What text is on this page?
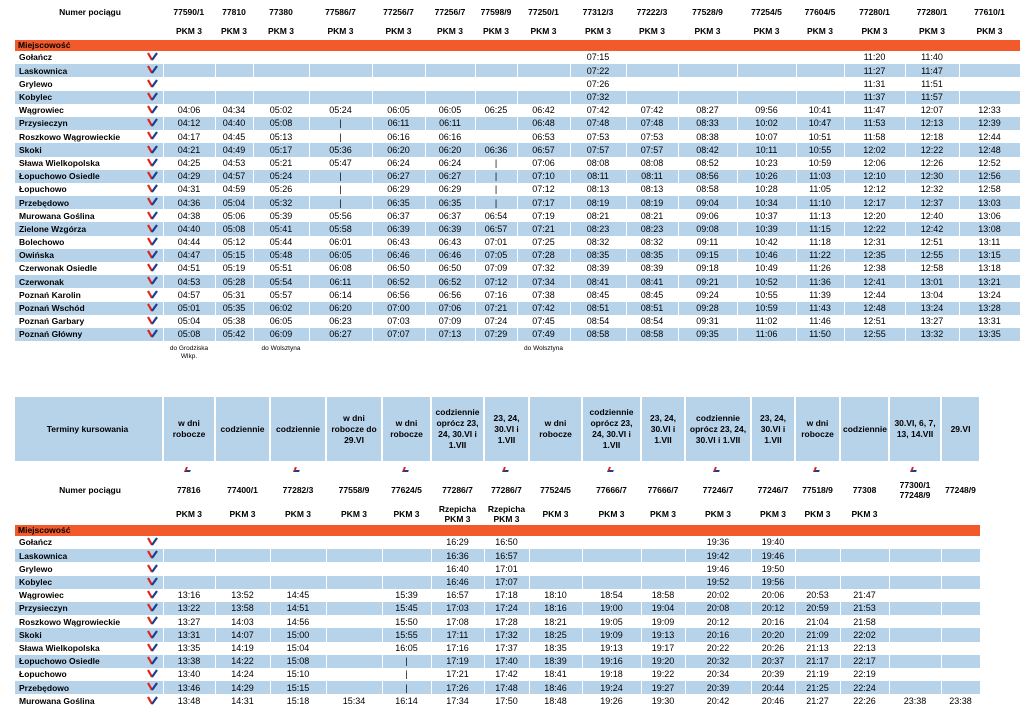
Numer pociągu		77590/1	77810	77380	77586/7	77256/7	77256/7	77598/9	77250/1	77312/3	77222/3	77528/9	77254/5	77604/5	77280/1	77280/1	77610/1
		PKM 3	PKM 3	PKM 3	PKM 3	PKM 3	PKM 3	PKM 3	PKM 3	PKM 3	PKM 3	PKM 3	PKM 3	PKM 3	PKM 3	PKM 3	PKM 3
Miejscowość																	
Gołańcz										07:15					11:20	11:40	
Laskownica										07:22					11:27	11:47	
Grylewo										07:26					11:31	11:51	
Kobylec										07:32					11:37	11:57	
Wągrowiec		04:06	04:34	05:02	05:24	06:05	06:05	06:25	06:42	07:42	07:42	08:27	09:56	10:41	11:47	12:07	12:33
Przysieczyn		04:12	04:40	05:08	|	06:11	06:11		06:48	07:48	07:48	08:33	10:02	10:47	11:53	12:13	12:39
Roszkowo Wągrowieckie		04:17	04:45	05:13	|	06:16	06:16		06:53	07:53	07:53	08:38	10:07	10:51	11:58	12:18	12:44
Skoki		04:21	04:49	05:17	05:36	06:20	06:20	06:36	06:57	07:57	07:57	08:42	10:11	10:55	12:02	12:22	12:48
Sława Wielkopolska		04:25	04:53	05:21	05:47	06:24	06:24	|	07:06	08:08	08:08	08:52	10:23	10:59	12:06	12:26	12:52
Łopuchowo Osiedle		04:29	04:57	05:24	|	06:27	06:27	|	07:10	08:11	08:11	08:56	10:26	11:03	12:10	12:30	12:56
Łopuchowo		04:31	04:59	05:26	|	06:29	06:29	|	07:12	08:13	08:13	08:58	10:28	11:05	12:12	12:32	12:58
Przebędowo		04:36	05:04	05:32	|	06:35	06:35	|	07:17	08:19	08:19	09:04	10:34	11:10	12:17	12:37	13:03
Murowana Goślina		04:38	05:06	05:39	05:56	06:37	06:37	06:54	07:19	08:21	08:21	09:06	10:37	11:13	12:20	12:40	13:06
Zielone Wzgórza		04:40	05:08	05:41	05:58	06:39	06:39	06:57	07:21	08:23	08:23	09:08	10:39	11:15	12:22	12:42	13:08
Bolechowo		04:44	05:12	05:44	06:01	06:43	06:43	07:01	07:25	08:32	08:32	09:11	10:42	11:18	12:31	12:51	13:11
Owińska		04:47	05:15	05:48	06:05	06:46	06:46	07:05	07:28	08:35	08:35	09:15	10:46	11:22	12:35	12:55	13:15
Czerwonak Osiedle		04:51	05:19	05:51	06:08	06:50	06:50	07:09	07:32	08:39	08:39	09:18	10:49	11:26	12:38	12:58	13:18
Czerwonak		04:53	05:28	05:54	06:11	06:52	06:52	07:12	07:34	08:41	08:41	09:21	10:52	11:36	12:41	13:01	13:21
Poznań Karolin		04:57	05:31	05:57	06:14	06:56	06:56	07:16	07:38	08:45	08:45	09:24	10:55	11:39	12:44	13:04	13:24
Poznań Wschód		05:01	05:35	06:02	06:20	07:00	07:06	07:21	07:42	08:51	08:51	09:28	10:59	11:43	12:48	13:24	13:28
Poznań Garbary		05:04	05:38	06:05	06:23	07:03	07:09	07:24	07:45	08:54	08:54	09:31	11:02	11:46	12:51	13:27	13:31
Poznań Główny		05:08	05:42	06:09	06:27	07:07	07:13	07:29	07:49	08:58	08:58	09:35	11:06	11:50	12:55	13:32	13:35
		do Grodziska Wlkp.		do Wolsztyna					do Wolsztyna								
Terminy kursowania		w dni robocze	codziennie	codziennie	w dni robocze do 29.VI	w dni robocze	codziennie oprócz 23, 24, 30.VI i 1.VII	23, 24, 30.VI i 1.VII	w dni robocze	codziennie oprócz 23, 24, 30.VI i 1.VII	23, 24, 30.VI i 1.VII	codziennie oprócz 23, 24, 30.VI i 1.VII	23, 24, 30.VI i 1.VII	w dni robocze	codziennie	30.VI, 6, 7, 13, 14.VII	29.VI

Numer pociągu		77816	77400/1	77282/3	77558/9	77624/5	77286/7	77286/7	77524/5	77666/7	77666/7	77246/7	77246/7	77518/9	77308	77300/1 77248/9	77248/9
		PKM 3	PKM 3	PKM 3	PKM 3	PKM 3	Rzepicha PKM 3	Rzepicha PKM 3	PKM 3	PKM 3	PKM 3	PKM 3	PKM 3	PKM 3	PKM 3		
Miejscowość																	
Gołańcz							16:29	16:50				19:36	19:40				
Laskownica							16:36	16:57				19:42	19:46				
Grylewo							16:40	17:01				19:46	19:50				
Kobylec							16:46	17:07				19:52	19:56				
Wągrowiec		13:16	13:52	14:45		15:39	16:57	17:18	18:10	18:54	18:58	20:02	20:06	20:53	21:47		
Przysieczyn		13:22	13:58	14:51		15:45	17:03	17:24	18:16	19:00	19:04	20:08	20:12	20:59	21:53		
Roszkowo Wągrowieckie		13:27	14:03	14:56		15:50	17:08	17:28	18:21	19:05	19:09	20:12	20:16	21:04	21:58		
Skoki		13:31	14:07	15:00		15:55	17:11	17:32	18:25	19:09	19:13	20:16	20:20	21:09	22:02		
Sława Wielkopolska		13:35	14:19	15:04		16:05	17:16	17:37	18:35	19:13	19:17	20:22	20:26	21:13	22:13		
Łopuchowo Osiedle		13:38	14:22	15:08		|	17:19	17:40	18:39	19:16	19:20	20:32	20:37	21:17	22:17		
Łopuchowo		13:40	14:24	15:10		|	17:21	17:42	18:41	19:18	19:22	20:34	20:39	21:19	22:19		
Przebędowo		13:46	14:29	15:15		|	17:26	17:48	18:46	19:24	19:27	20:39	20:44	21:25	22:24		
Murowana Goślina		13:48	14:31	15:18	15:34	16:14	17:34	17:50	18:48	19:26	19:30	20:42	20:46	21:27	22:26	23:38	23:38
